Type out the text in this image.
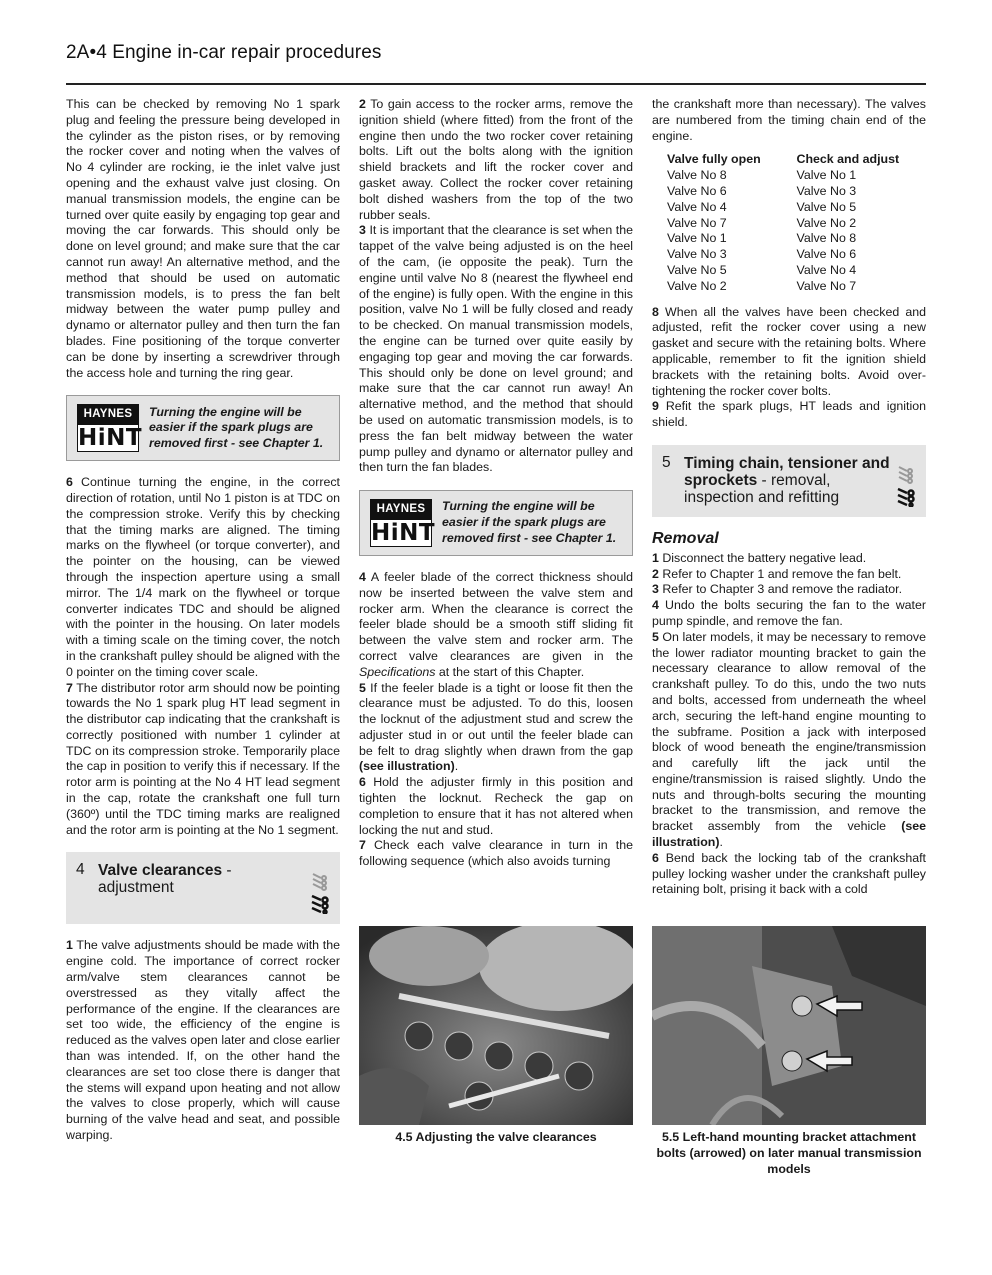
2A•4 Engine in-car repair procedures

This can be checked by removing No 1 spark plug and feeling the pressure being developed in the cylinder as the piston rises, or by removing the rocker cover and noting when the valves of No 4 cylinder are rocking, ie the inlet valve just opening and the exhaust valve just closing. On manual transmission models, the engine can be turned over quite easily by engaging top gear and moving the car forwards. This should only be done on level ground; and make sure that the car cannot run away! An alternative method, and the method that should be used on automatic transmission models, is to press the fan belt midway between the water pump pulley and dynamo or alternator pulley and then turn the fan blades. Fine positioning of the torque converter can be done by inserting a screwdriver through the access hole and turning the ring gear.

HAYNES
HiNT
Turning the engine will be easier if the spark plugs are removed first - see Chapter 1.

6 Continue turning the engine, in the correct direction of rotation, until No 1 piston is at TDC on the compression stroke. Verify this by checking that the timing marks are aligned. The timing marks on the flywheel (or torque converter), and the pointer on the housing, can be viewed through the inspection aperture using a small mirror. The 1/4 mark on the flywheel or torque converter indicates TDC and should be aligned with the pointer in the housing. On later models with a timing scale on the timing cover, the notch in the crankshaft pulley should be aligned with the 0 pointer on the timing cover scale.

7 The distributor rotor arm should now be pointing towards the No 1 spark plug HT lead segment in the distributor cap indicating that the crankshaft is correctly positioned with number 1 cylinder at TDC on its compression stroke. Temporarily place the cap in position to verify this if necessary. If the rotor arm is pointing at the No 4 HT lead segment in the cap, rotate the crankshaft one full turn (360º) until the TDC timing marks are realigned and the rotor arm is pointing at the No 1 segment.

4 Valve clearances - adjustment

1 The valve adjustments should be made with the engine cold. The importance of correct rocker arm/valve stem clearances cannot be overstressed as they vitally affect the performance of the engine. If the clearances are set too wide, the efficiency of the engine is reduced as the valves open later and close earlier than was intended. If, on the other hand the clearances are set too close there is danger that the stems will expand upon heating and not allow the valves to close properly, which will cause burning of the valve head and seat, and possible warping.

2 To gain access to the rocker arms, remove the ignition shield (where fitted) from the front of the engine then undo the two rocker cover retaining bolts. Lift out the bolts along with the ignition shield brackets and lift the rocker cover and gasket away. Collect the rocker cover retaining bolt dished washers from the top of the two rubber seals.

3 It is important that the clearance is set when the tappet of the valve being adjusted is on the heel of the cam, (ie opposite the peak). Turn the engine until valve No 8 (nearest the flywheel end of the engine) is fully open. With the engine in this position, valve No 1 will be fully closed and ready to be checked. On manual transmission models, the engine can be turned over quite easily by engaging top gear and moving the car forwards. This should only be done on level ground; and make sure that the car cannot run away! An alternative method, and the method that should be used on automatic transmission models, is to press the fan belt midway between the water pump pulley and dynamo or alternator pulley and then turn the fan blades.

HAYNES
HiNT
Turning the engine will be easier if the spark plugs are removed first - see Chapter 1.

4 A feeler blade of the correct thickness should now be inserted between the valve stem and rocker arm. When the clearance is correct the feeler blade should be a smooth stiff sliding fit between the valve stem and rocker arm. The correct valve clearances are given in the Specifications at the start of this Chapter.

5 If the feeler blade is a tight or loose fit then the clearance must be adjusted. To do this, loosen the locknut of the adjustment stud and screw the adjuster stud in or out until the feeler blade can be felt to drag slightly when drawn from the gap (see illustration).

6 Hold the adjuster firmly in this position and tighten the locknut. Recheck the gap on completion to ensure that it has not altered when locking the nut and stud.

7 Check each valve clearance in turn in the following sequence (which also avoids turning

the crankshaft more than necessary). The valves are numbered from the timing chain end of the engine.

Valve fully open	Check and adjust
Valve No 8	Valve No 1
Valve No 6	Valve No 3
Valve No 4	Valve No 5
Valve No 7	Valve No 2
Valve No 1	Valve No 8
Valve No 3	Valve No 6
Valve No 5	Valve No 4
Valve No 2	Valve No 7

8 When all the valves have been checked and adjusted, refit the rocker cover using a new gasket and secure with the retaining bolts. Where applicable, remember to fit the ignition shield brackets with the retaining bolts. Avoid over-tightening the rocker cover bolts.

9 Refit the spark plugs, HT leads and ignition shield.

5 Timing chain, tensioner and sprockets - removal, inspection and refitting
Removal

1 Disconnect the battery negative lead.

2 Refer to Chapter 1 and remove the fan belt.

3 Refer to Chapter 3 and remove the radiator.

4 Undo the bolts securing the fan to the water pump spindle, and remove the fan.

5 On later models, it may be necessary to remove the lower radiator mounting bracket to gain the necessary clearance to allow removal of the crankshaft pulley. To do this, undo the two nuts and bolts, accessed from underneath the wheel arch, securing the left-hand engine mounting to the subframe. Position a jack with interposed block of wood beneath the engine/transmission and carefully lift the jack until the engine/transmission is raised slightly. Undo the nuts and through-bolts securing the mounting bracket to the transmission, and remove the bracket assembly from the vehicle (see illustration).

6 Bend back the locking tab of the crankshaft pulley locking washer under the crankshaft pulley retaining bolt, prising it back with a cold

4.5 Adjusting the valve clearances	5.5 Left-hand mounting bracket attachment bolts (arrowed) on later manual transmission models
